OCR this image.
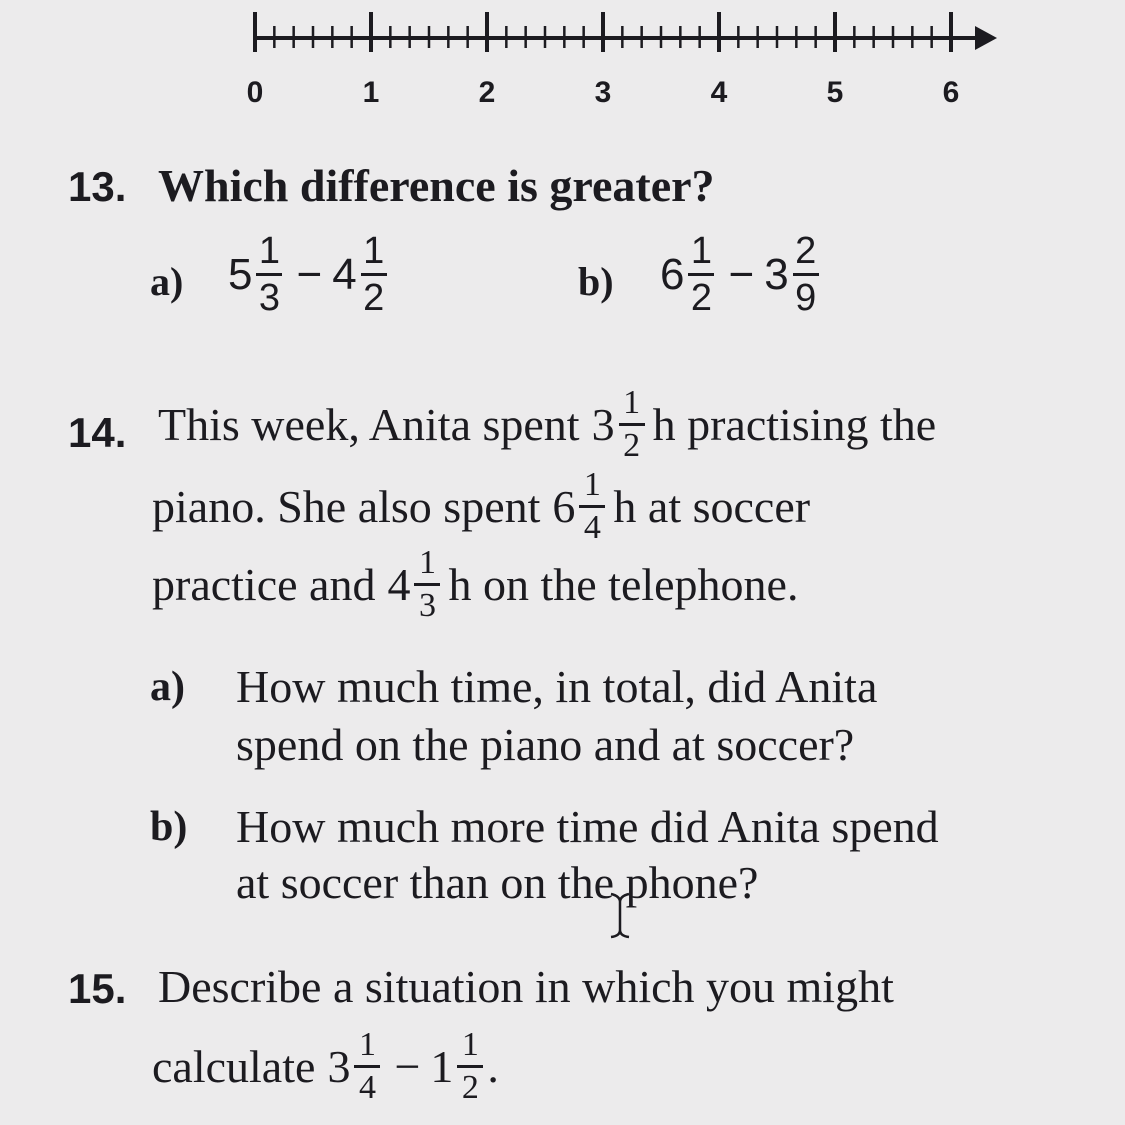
0	1	2	3	4	5	6
13. Which difference is greater?
a) $5 \frac{1}{3} - 4 \frac{1}{2}$	b) $6 \frac{1}{2} - 3 \frac{2}{9}$
14. This week, Anita spent $3 \frac{1}{2}$ h practising the
piano. She also spent $6 \frac{1}{4}$ h at soccer
practice and $4 \frac{1}{3}$ h on the telephone.
a) How much time, in total, did Anita
spend on the piano and at soccer?
b) How much more time did Anita spend
at soccer than on the phone?
15. Describe a situation in which you might
calculate $3 \frac{1}{4} - 1 \frac{1}{2}$ .
